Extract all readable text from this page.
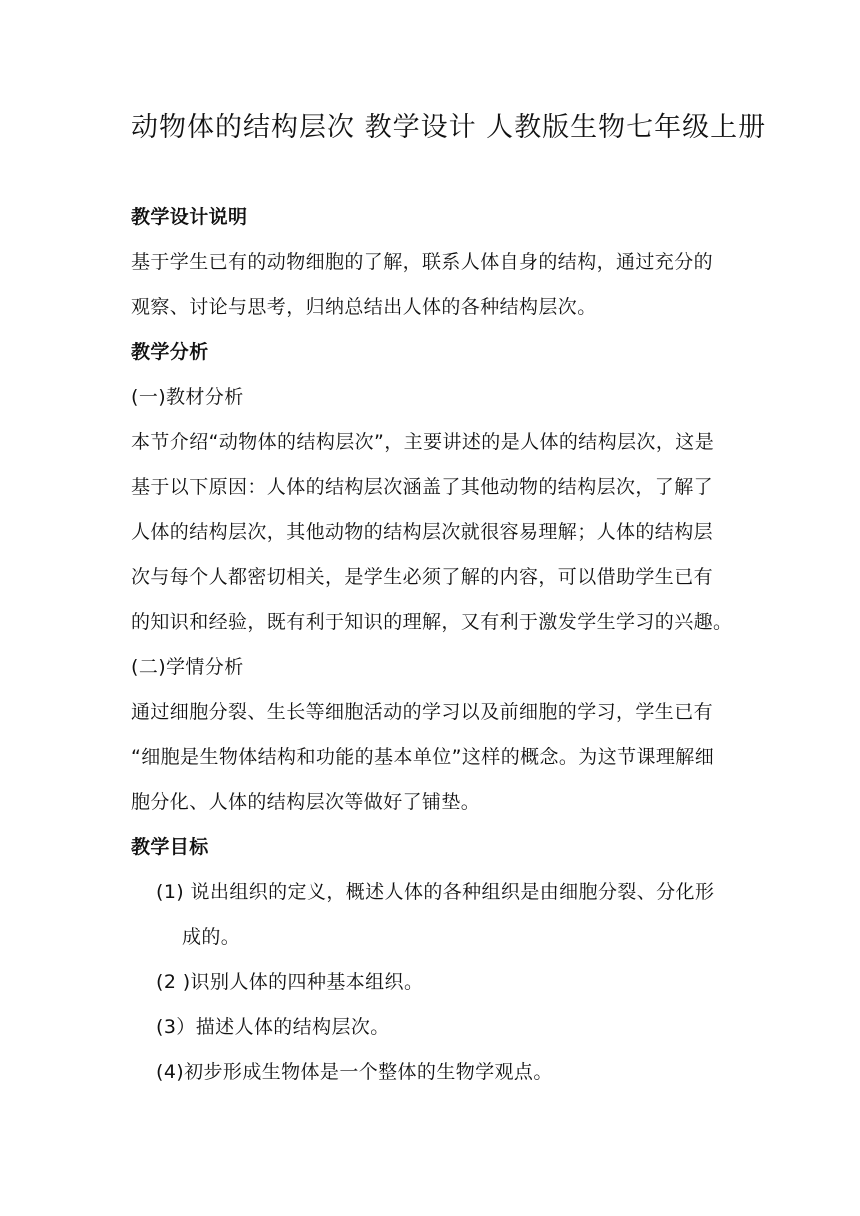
动物体的结构层次 教学设计 人教版生物七年级上册
教学设计说明
基于学生已有的动物细胞的了解，联系人体自身的结构，通过充分的
观察、讨论与思考，归纳总结出人体的各种结构层次。
教学分析
(一)教材分析
本节介绍“动物体的结构层次”，主要讲述的是人体的结构层次，这是
基于以下原因：人体的结构层次涵盖了其他动物的结构层次，了解了
人体的结构层次，其他动物的结构层次就很容易理解；人体的结构层
次与每个人都密切相关，是学生必须了解的内容，可以借助学生已有
的知识和经验，既有利于知识的理解，又有利于激发学生学习的兴趣。
(二)学情分析
通过细胞分裂、生长等细胞活动的学习以及前细胞的学习，学生已有
“细胞是生物体结构和功能的基本单位”这样的概念。为这节课理解细
胞分化、人体的结构层次等做好了铺垫。
教学目标
(1) 说出组织的定义，概述人体的各种组织是由细胞分裂、分化形
成的。
(2 )识别人体的四种基本组织。
(3）描述人体的结构层次。
(4)初步形成生物体是一个整体的生物学观点。
